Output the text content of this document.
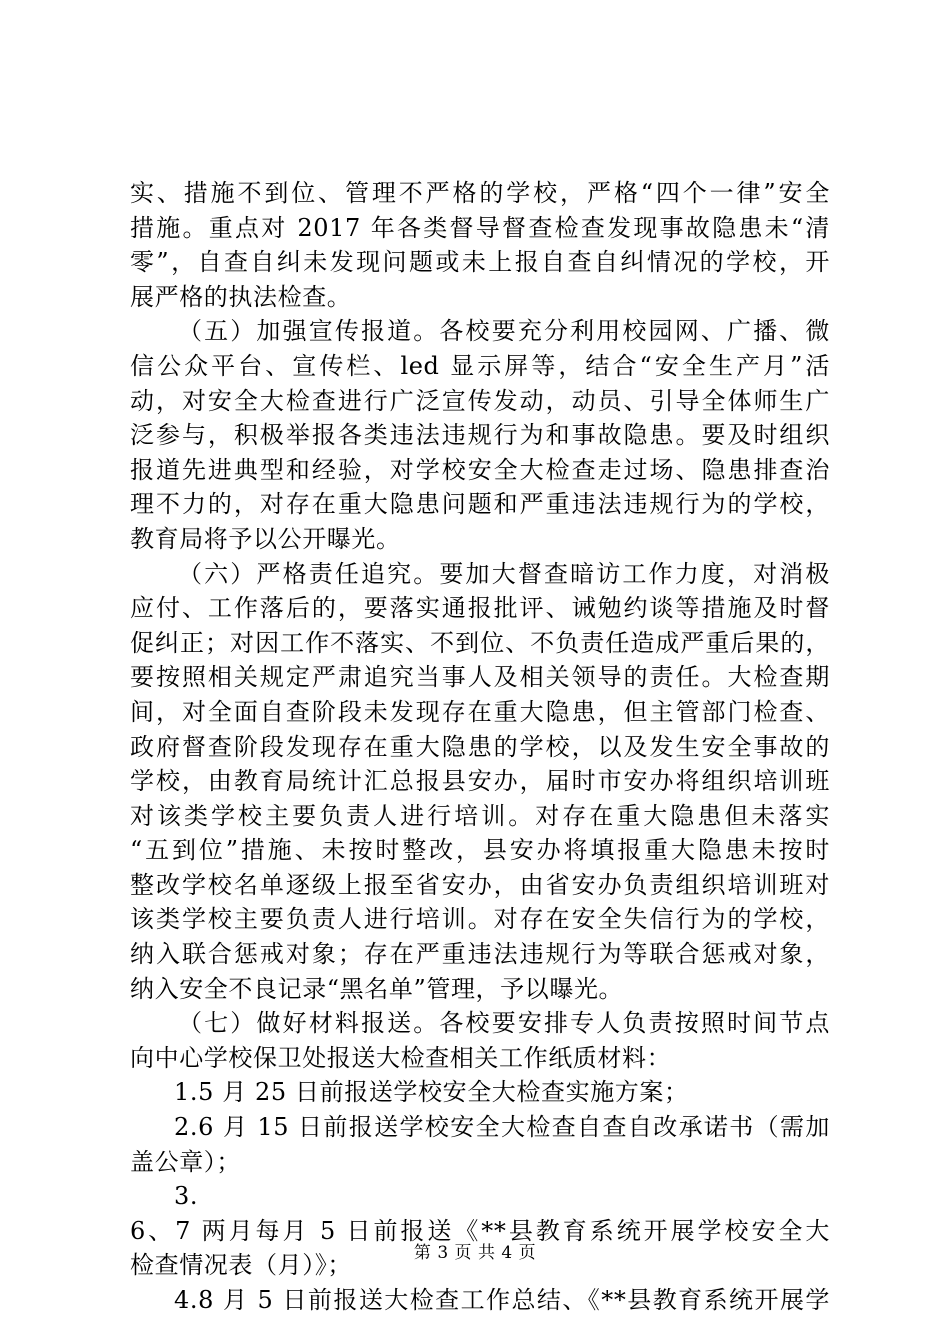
实、措施不到位、管理不严格的学校，严格“四个一律”安全
措施。重点对 2017 年各类督导督查检查发现事故隐患未“清
零”，自查自纠未发现问题或未上报自查自纠情况的学校，开
展严格的执法检查。
（五）加强宣传报道。各校要充分利用校园网、广播、微
信公众平台、宣传栏、led 显示屏等，结合“安全生产月”活
动，对安全大检查进行广泛宣传发动，动员、引导全体师生广
泛参与，积极举报各类违法违规行为和事故隐患。要及时组织
报道先进典型和经验，对学校安全大检查走过场、隐患排查治
理不力的，对存在重大隐患问题和严重违法违规行为的学校，
教育局将予以公开曝光。
（六）严格责任追究。要加大督查暗访工作力度，对消极
应付、工作落后的，要落实通报批评、诫勉约谈等措施及时督
促纠正；对因工作不落实、不到位、不负责任造成严重后果的，
要按照相关规定严肃追究当事人及相关领导的责任。大检查期
间，对全面自查阶段未发现存在重大隐患，但主管部门检查、
政府督查阶段发现存在重大隐患的学校，以及发生安全事故的
学校，由教育局统计汇总报县安办，届时市安办将组织培训班
对该类学校主要负责人进行培训。对存在重大隐患但未落实
“五到位”措施、未按时整改，县安办将填报重大隐患未按时
整改学校名单逐级上报至省安办，由省安办负责组织培训班对
该类学校主要负责人进行培训。对存在安全失信行为的学校，
纳入联合惩戒对象；存在严重违法违规行为等联合惩戒对象，
纳入安全不良记录“黑名单”管理，予以曝光。
（七）做好材料报送。各校要安排专人负责按照时间节点
向中心学校保卫处报送大检查相关工作纸质材料：
1.5 月 25 日前报送学校安全大检查实施方案；
2.6 月 15 日前报送学校安全大检查自查自改承诺书（需加
盖公章）；
3.
6、7 两月每月 5 日前报送《**县教育系统开展学校安全大
检查情况表（月）》；
4.8 月 5 日前报送大检查工作总结、《**县教育系统开展学
第 3 页 共 4 页
